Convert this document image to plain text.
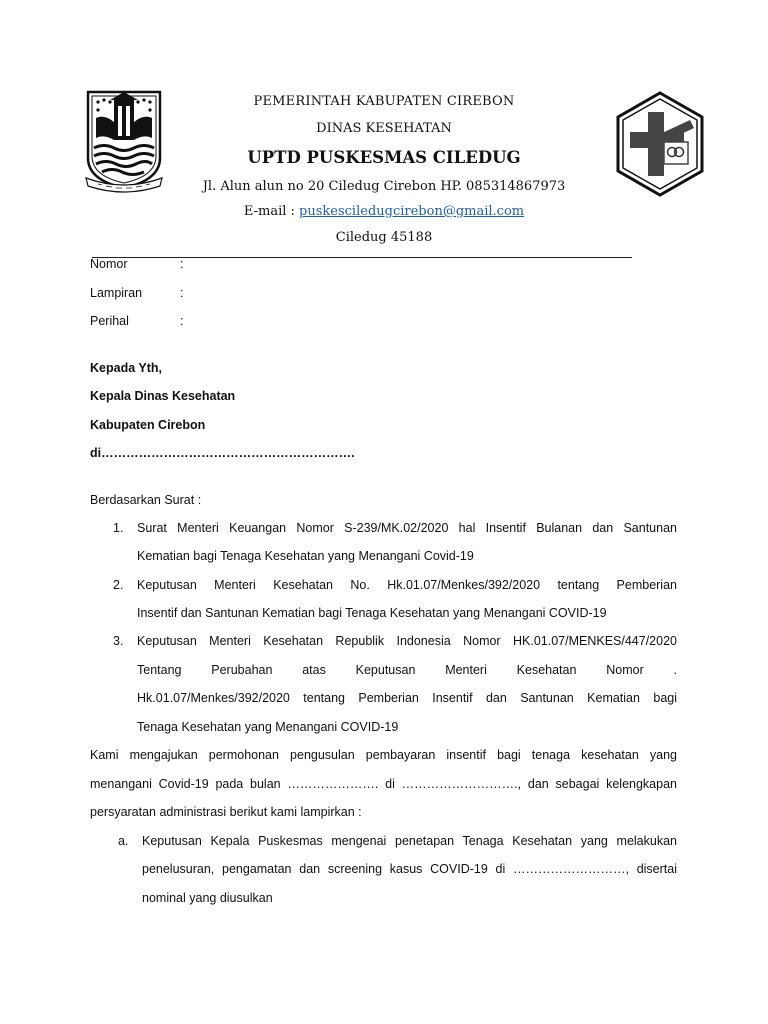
PEMERINTAH KABUPATEN CIREBON
DINAS KESEHATAN
UPTD PUSKESMAS CILEDUG
Jl. Alun alun no 20 Ciledug Cirebon HP. 085314867973
E-mail : puskesciledugcirebon@gmail.com
Ciledug 45188
Nomor	:
Lampiran	:
Perihal	:
Kepada Yth,
Kepala Dinas Kesehatan
Kabupaten Cirebon
di…………………………………………………….
Berdasarkan Surat :
1. Surat Menteri Keuangan Nomor S-239/MK.02/2020 hal Insentif Bulanan dan Santunan
Kematian bagi Tenaga Kesehatan yang Menangani Covid-19
2. Keputusan Menteri Kesehatan No. Hk.01.07/Menkes/392/2020 tentang Pemberian
Insentif dan Santunan Kematian bagi Tenaga Kesehatan yang Menangani COVID-19
3. Keputusan Menteri Kesehatan Republik Indonesia Nomor HK.01.07/MENKES/447/2020
Tentang Perubahan atas Keputusan Menteri Kesehatan Nomor .
Hk.01.07/Menkes/392/2020 tentang Pemberian Insentif dan Santunan Kematian bagi
Tenaga Kesehatan yang Menangani COVID-19
Kami mengajukan permohonan pengusulan pembayaran insentif bagi tenaga kesehatan yang
menangani Covid-19 pada bulan …………………. di ………………………., dan sebagai kelengkapan
persyaratan administrasi berikut kami lampirkan :
a. Keputusan Kepala Puskesmas mengenai penetapan Tenaga Kesehatan yang melakukan
penelusuran, pengamatan dan screening kasus COVID-19 di ………………………, disertai
nominal yang diusulkan
